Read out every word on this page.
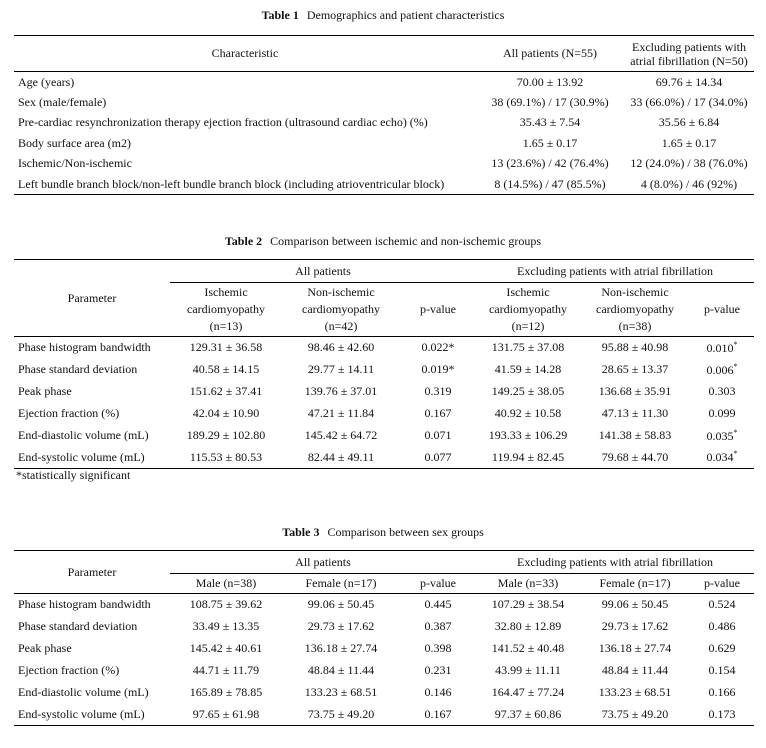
Table 1 Demographics and patient characteristics
Characteristic	All patients (N=55)	Excluding patients with
atrial fibrillation (N=50)
Age (years)	70.00 ± 13.92	69.76 ± 14.34
Sex (male/female)	38 (69.1%) / 17 (30.9%)	33 (66.0%) / 17 (34.0%)
Pre-cardiac resynchronization therapy ejection fraction (ultrasound cardiac echo) (%)	35.43 ± 7.54	35.56 ± 6.84
Body surface area (m2)	1.65 ± 0.17	1.65 ± 0.17
Ischemic/Non-ischemic	13 (23.6%) / 42 (76.4%)	12 (24.0%) / 38 (76.0%)
Left bundle branch block/non-left bundle branch block (including atrioventricular block)	8 (14.5%) / 47 (85.5%)	4 (8.0%) / 46 (92%)
Table 2 Comparison between ischemic and non-ischemic groups
Parameter	All patients			Excluding patients with atrial fibrillation		
	Ischemic
cardiomyopathy
(n=13)	Non-ischemic
cardiomyopathy
(n=42)	p-value	Ischemic
cardiomyopathy
(n=12)	Non-ischemic
cardiomyopathy
(n=38)	p-value
Phase histogram bandwidth	129.31 ± 36.58	98.46 ± 42.60	0.022*	131.75 ± 37.08	95.88 ± 40.98	0.010*
Phase standard deviation	40.58 ± 14.15	29.77 ± 14.11	0.019*	41.59 ± 14.28	28.65 ± 13.37	0.006*
Peak phase	151.62 ± 37.41	139.76 ± 37.01	0.319	149.25 ± 38.05	136.68 ± 35.91	0.303
Ejection fraction (%)	42.04 ± 10.90	47.21 ± 11.84	0.167	40.92 ± 10.58	47.13 ± 11.30	0.099
End-diastolic volume (mL)	189.29 ± 102.80	145.42 ± 64.72	0.071	193.33 ± 106.29	141.38 ± 58.83	0.035*
End-systolic volume (mL)	115.53 ± 80.53	82.44 ± 49.11	0.077	119.94 ± 82.45	79.68 ± 44.70	0.034*
*statistically significant
Table 3 Comparison between sex groups
Parameter	All patients			Excluding patients with atrial fibrillation		
	Male (n=38)	Female (n=17)	p-value	Male (n=33)	Female (n=17)	p-value
Phase histogram bandwidth	108.75 ± 39.62	99.06 ± 50.45	0.445	107.29 ± 38.54	99.06 ± 50.45	0.524
Phase standard deviation	33.49 ± 13.35	29.73 ± 17.62	0.387	32.80 ± 12.89	29.73 ± 17.62	0.486
Peak phase	145.42 ± 40.61	136.18 ± 27.74	0.398	141.52 ± 40.48	136.18 ± 27.74	0.629
Ejection fraction (%)	44.71 ± 11.79	48.84 ± 11.44	0.231	43.99 ± 11.11	48.84 ± 11.44	0.154
End-diastolic volume (mL)	165.89 ± 78.85	133.23 ± 68.51	0.146	164.47 ± 77.24	133.23 ± 68.51	0.166
End-systolic volume (mL)	97.65 ± 61.98	73.75 ± 49.20	0.167	97.37 ± 60.86	73.75 ± 49.20	0.173
